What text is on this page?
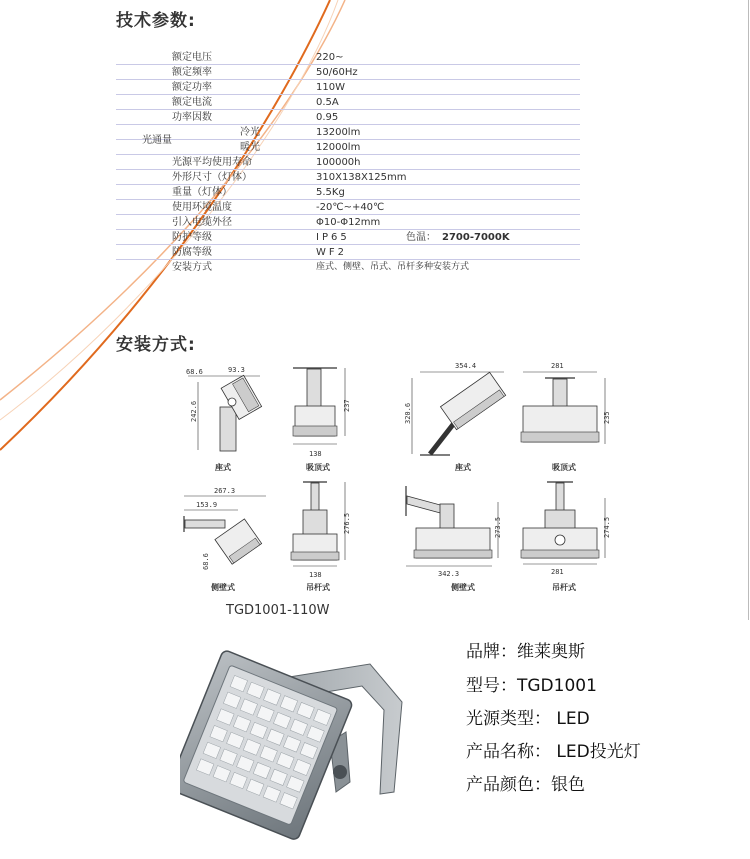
技术参数:
额定电压	220~
额定频率	50/60Hz
额定功率	110W
额定电流	0.5A
功率因数	0.95
光通量
冷光	13200lm
暖光	12000lm
光源平均使用寿命	100000h
外形尺寸（灯体）	310X138X125mm
重量（灯体）	5.5Kg
使用环境温度	-20℃~+40℃
引入电缆外径	Φ10-Φ12mm
防护等级	IP65	色温： 2700-7000K
防腐等级	WF2
安装方式	座式、侧壁、吊式、吊杆多种安装方式
安装方式:
68.6	93.3
242.6
座式
237
138
吸顶式
354.4
320.6
座式
281
235
吸顶式
267.3
153.9
68.6
侧壁式
276.5
138
吊杆式
273.5
342.3
侧壁式
274.5
281
吊杆式
TGD1001-110W
品牌：维莱奥斯
型号：TGD1001
光源类型： LED
产品名称： LED投光灯
产品颜色：银色
